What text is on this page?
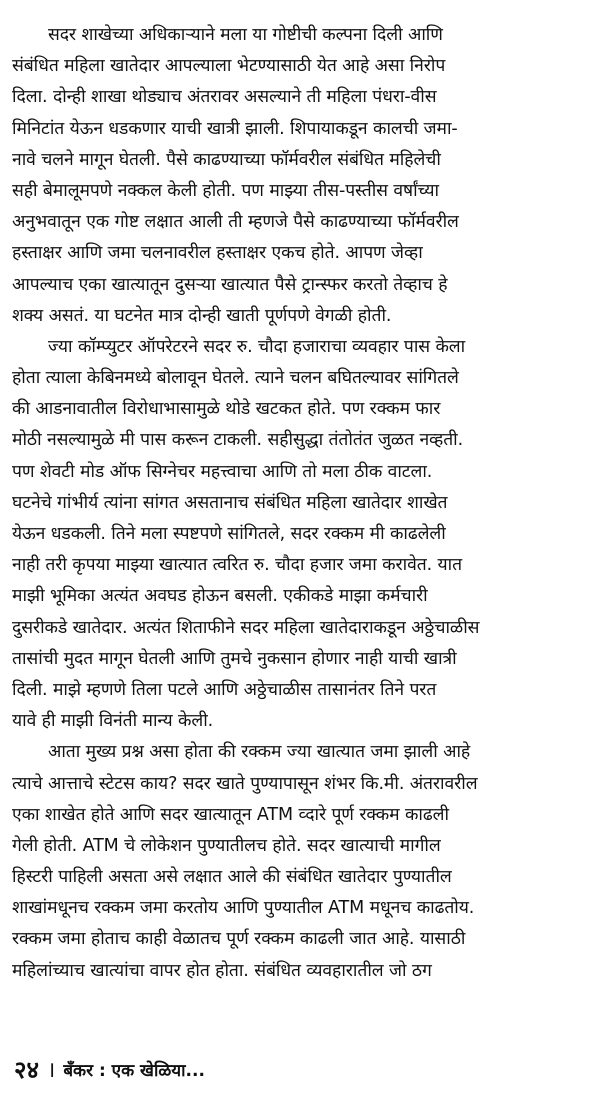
सदर शाखेच्या अधिकाऱ्याने मला या गोष्टीची कल्पना दिली आणि
संबंधित महिला खातेदार आपल्याला भेटण्यासाठी येत आहे असा निरोप
दिला. दोन्ही शाखा थोड्याच अंतरावर असल्याने ती महिला पंधरा-वीस
मिनिटांत येऊन धडकणार याची खात्री झाली. शिपायाकडून कालची जमा-
नावे चलने मागून घेतली. पैसे काढण्याच्या फॉर्मवरील संबंधित महिलेची
सही बेमालूमपणे नक्कल केली होती. पण माझ्या तीस-पस्तीस वर्षांच्या
अनुभवातून एक गोष्ट लक्षात आली ती म्हणजे पैसे काढण्याच्या फॉर्मवरील
हस्ताक्षर आणि जमा चलनावरील हस्ताक्षर एकच होते. आपण जेव्हा
आपल्याच एका खात्यातून दुसऱ्या खात्यात पैसे ट्रान्स्फर करतो तेव्हाच हे
शक्य असतं. या घटनेत मात्र दोन्ही खाती पूर्णपणे वेगळी होती.
ज्या कॉम्प्युटर ऑपरेटरने सदर रु. चौदा हजाराचा व्यवहार पास केला
होता त्याला केबिनमध्ये बोलावून घेतले. त्याने चलन बघितल्यावर सांगितले
की आडनावातील विरोधाभासामुळे थोडे खटकत होते. पण रक्कम फार
मोठी नसल्यामुळे मी पास करून टाकली. सहीसुद्धा तंतोतंत जुळत नव्हती.
पण शेवटी मोड ऑफ सिग्नेचर महत्त्वाचा आणि तो मला ठीक वाटला.
घटनेचे गांभीर्य त्यांना सांगत असतानाच संबंधित महिला खातेदार शाखेत
येऊन धडकली. तिने मला स्पष्टपणे सांगितले, सदर रक्कम मी काढलेली
नाही तरी कृपया माझ्या खात्यात त्वरित रु. चौदा हजार जमा करावेत. यात
माझी भूमिका अत्यंत अवघड होऊन बसली. एकीकडे माझा कर्मचारी
दुसरीकडे खातेदार. अत्यंत शिताफीने सदर महिला खातेदाराकडून अठ्ठेचाळीस
तासांची मुदत मागून घेतली आणि तुमचे नुकसान होणार नाही याची खात्री
दिली. माझे म्हणणे तिला पटले आणि अठ्ठेचाळीस तासानंतर तिने परत
यावे ही माझी विनंती मान्य केली.
आता मुख्य प्रश्न असा होता की रक्कम ज्या खात्यात जमा झाली आहे
त्याचे आत्ताचे स्टेटस काय? सदर खाते पुण्यापासून शंभर कि.मी. अंतरावरील
एका शाखेत होते आणि सदर खात्यातून ATM व्दारे पूर्ण रक्कम काढली
गेली होती. ATM चे लोकेशन पुण्यातीलच होते. सदर खात्याची मागील
हिस्टरी पाहिली असता असे लक्षात आले की संबंधित खातेदार पुण्यातील
शाखांमधूनच रक्कम जमा करतोय आणि पुण्यातील ATM मधूनच काढतोय.
रक्कम जमा होताच काही वेळातच पूर्ण रक्कम काढली जात आहे. यासाठी
महिलांच्याच खात्यांचा वापर होत होता. संबंधित व्यवहारातील जो ठग
२४ । बँकर : एक खेळिया...
